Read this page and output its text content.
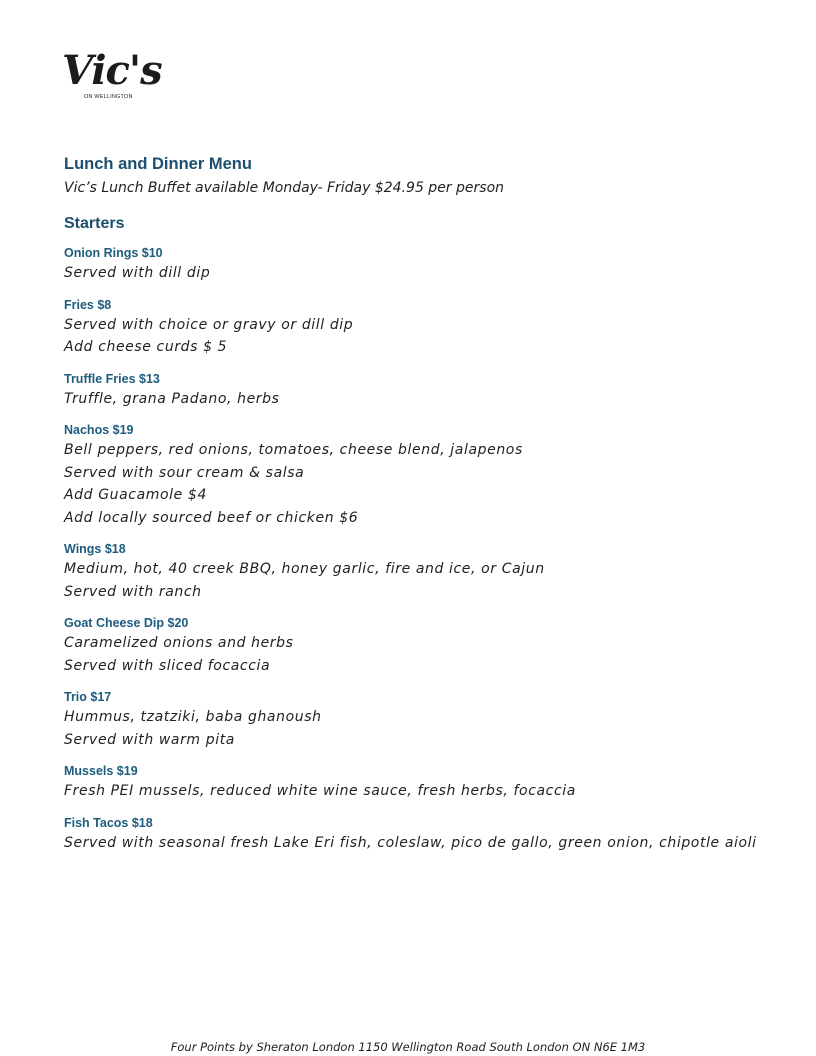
Vic's
ON WELLINGTON
Lunch and Dinner Menu

Vic’s Lunch Buffet available Monday- Friday $24.95 per person

Starters
Onion Rings $10
Served with dill dip
Fries $8
Served with choice or gravy or dill dip
Add cheese curds $ 5
Truffle Fries $13
Truffle, grana Padano, herbs
Nachos $19
Bell peppers, red onions, tomatoes, cheese blend, jalapenos
Served with sour cream & salsa
Add Guacamole $4
Add locally sourced beef or chicken $6
Wings $18
Medium, hot, 40 creek BBQ, honey garlic, fire and ice, or Cajun
Served with ranch
Goat Cheese Dip $20
Caramelized onions and herbs
Served with sliced focaccia
Trio $17
Hummus, tzatziki, baba ghanoush
Served with warm pita
Mussels $19
Fresh PEI mussels, reduced white wine sauce, fresh herbs, focaccia
Fish Tacos $18
Served with seasonal fresh Lake Eri fish, coleslaw, pico de gallo, green onion, chipotle aioli
Four Points by Sheraton London 1150 Wellington Road South London ON N6E 1M3
